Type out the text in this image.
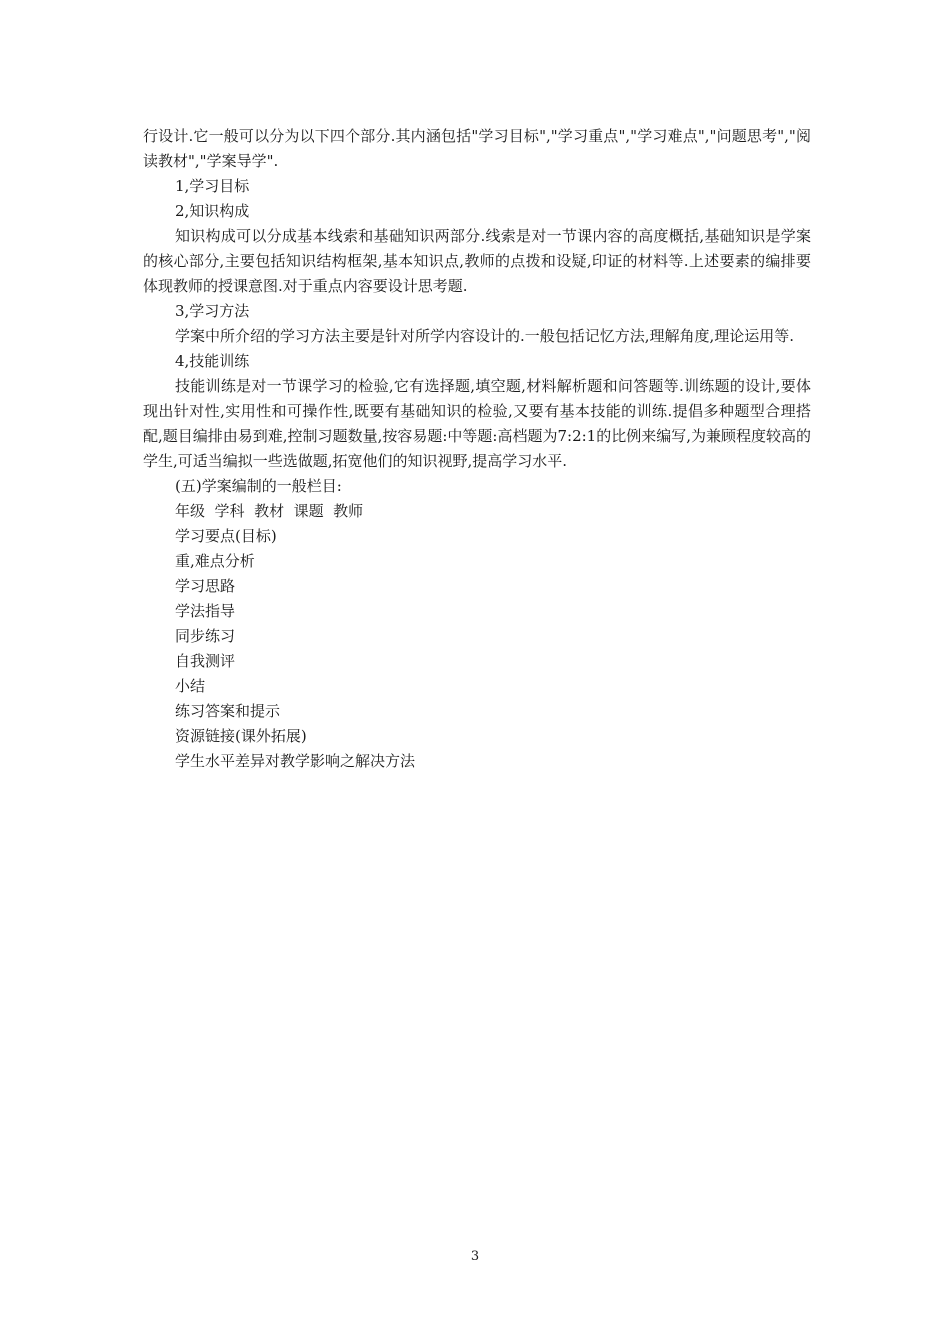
行设计.它一般可以分为以下四个部分.其内涵包括"学习目标","学习重点","学习难点","问题思考","阅读教材","学案导学".

1,学习目标

2,知识构成

知识构成可以分成基本线索和基础知识两部分.线索是对一节课内容的高度概括,基础知识是学案的核心部分,主要包括知识结构框架,基本知识点,教师的点拨和设疑,印证的材料等.上述要素的编排要体现教师的授课意图.对于重点内容要设计思考题.

3,学习方法

学案中所介绍的学习方法主要是针对所学内容设计的.一般包括记忆方法,理解角度,理论运用等.

4,技能训练

技能训练是对一节课学习的检验,它有选择题,填空题,材料解析题和问答题等.训练题的设计,要体现出针对性,实用性和可操作性,既要有基础知识的检验,又要有基本技能的训练.提倡多种题型合理搭配,题目编排由易到难,控制习题数量,按容易题:中等题:高档题为7:2:1的比例来编写,为兼顾程度较高的学生,可适当编拟一些选做题,拓宽他们的知识视野,提高学习水平.

(五)学案编制的一般栏目:

年级  学科  教材  课题  教师

学习要点(目标)

重,难点分析

学习思路

学法指导

同步练习

自我测评

小结

练习答案和提示

资源链接(课外拓展)

学生水平差异对教学影响之解决方法

3
